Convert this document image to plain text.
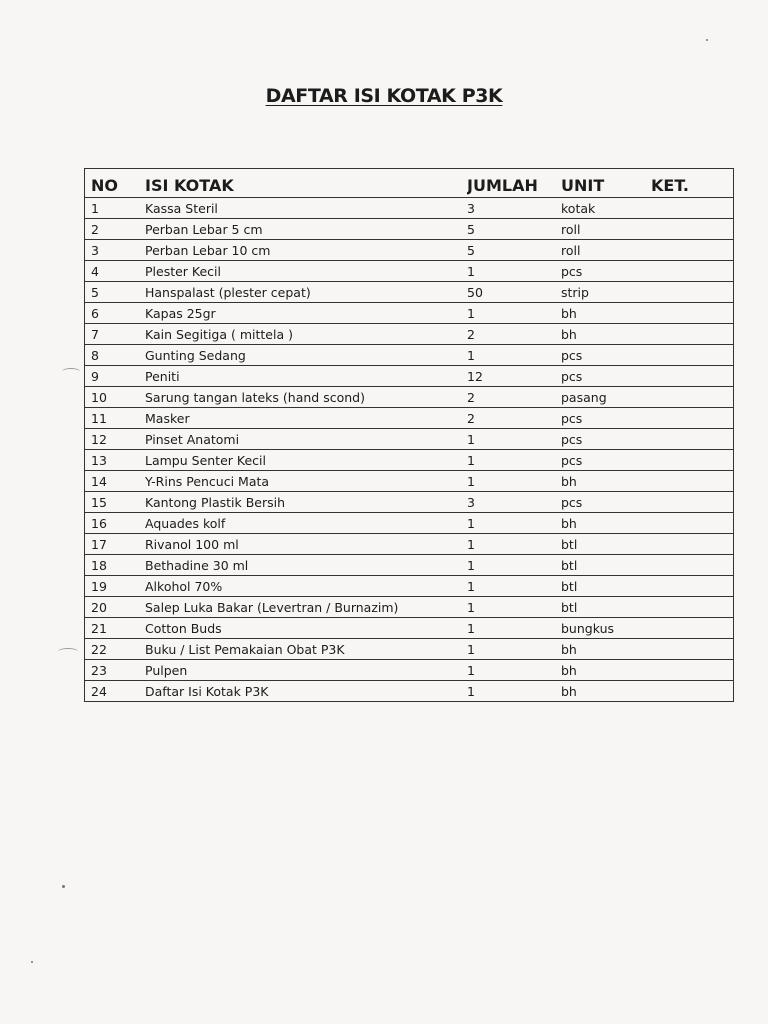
DAFTAR ISI KOTAK P3K
NO	ISI KOTAK	JUMLAH	UNIT	KET.
1	Kassa Steril	3	kotak	
2	Perban Lebar 5 cm	5	roll	
3	Perban Lebar 10 cm	5	roll	
4	Plester Kecil	1	pcs	
5	Hanspalast (plester cepat)	50	strip	
6	Kapas 25gr	1	bh	
7	Kain Segitiga ( mittela )	2	bh	
8	Gunting Sedang	1	pcs	
9	Peniti	12	pcs	
10	Sarung tangan lateks (hand scond)	2	pasang	
11	Masker	2	pcs	
12	Pinset Anatomi	1	pcs	
13	Lampu Senter Kecil	1	pcs	
14	Y-Rins Pencuci Mata	1	bh	
15	Kantong Plastik Bersih	3	pcs	
16	Aquades kolf	1	bh	
17	Rivanol 100 ml	1	btl	
18	Bethadine 30 ml	1	btl	
19	Alkohol 70%	1	btl	
20	Salep Luka Bakar (Levertran / Burnazim)	1	btl	
21	Cotton Buds	1	bungkus	
22	Buku / List Pemakaian Obat P3K	1	bh	
23	Pulpen	1	bh	
24	Daftar Isi Kotak P3K	1	bh	
